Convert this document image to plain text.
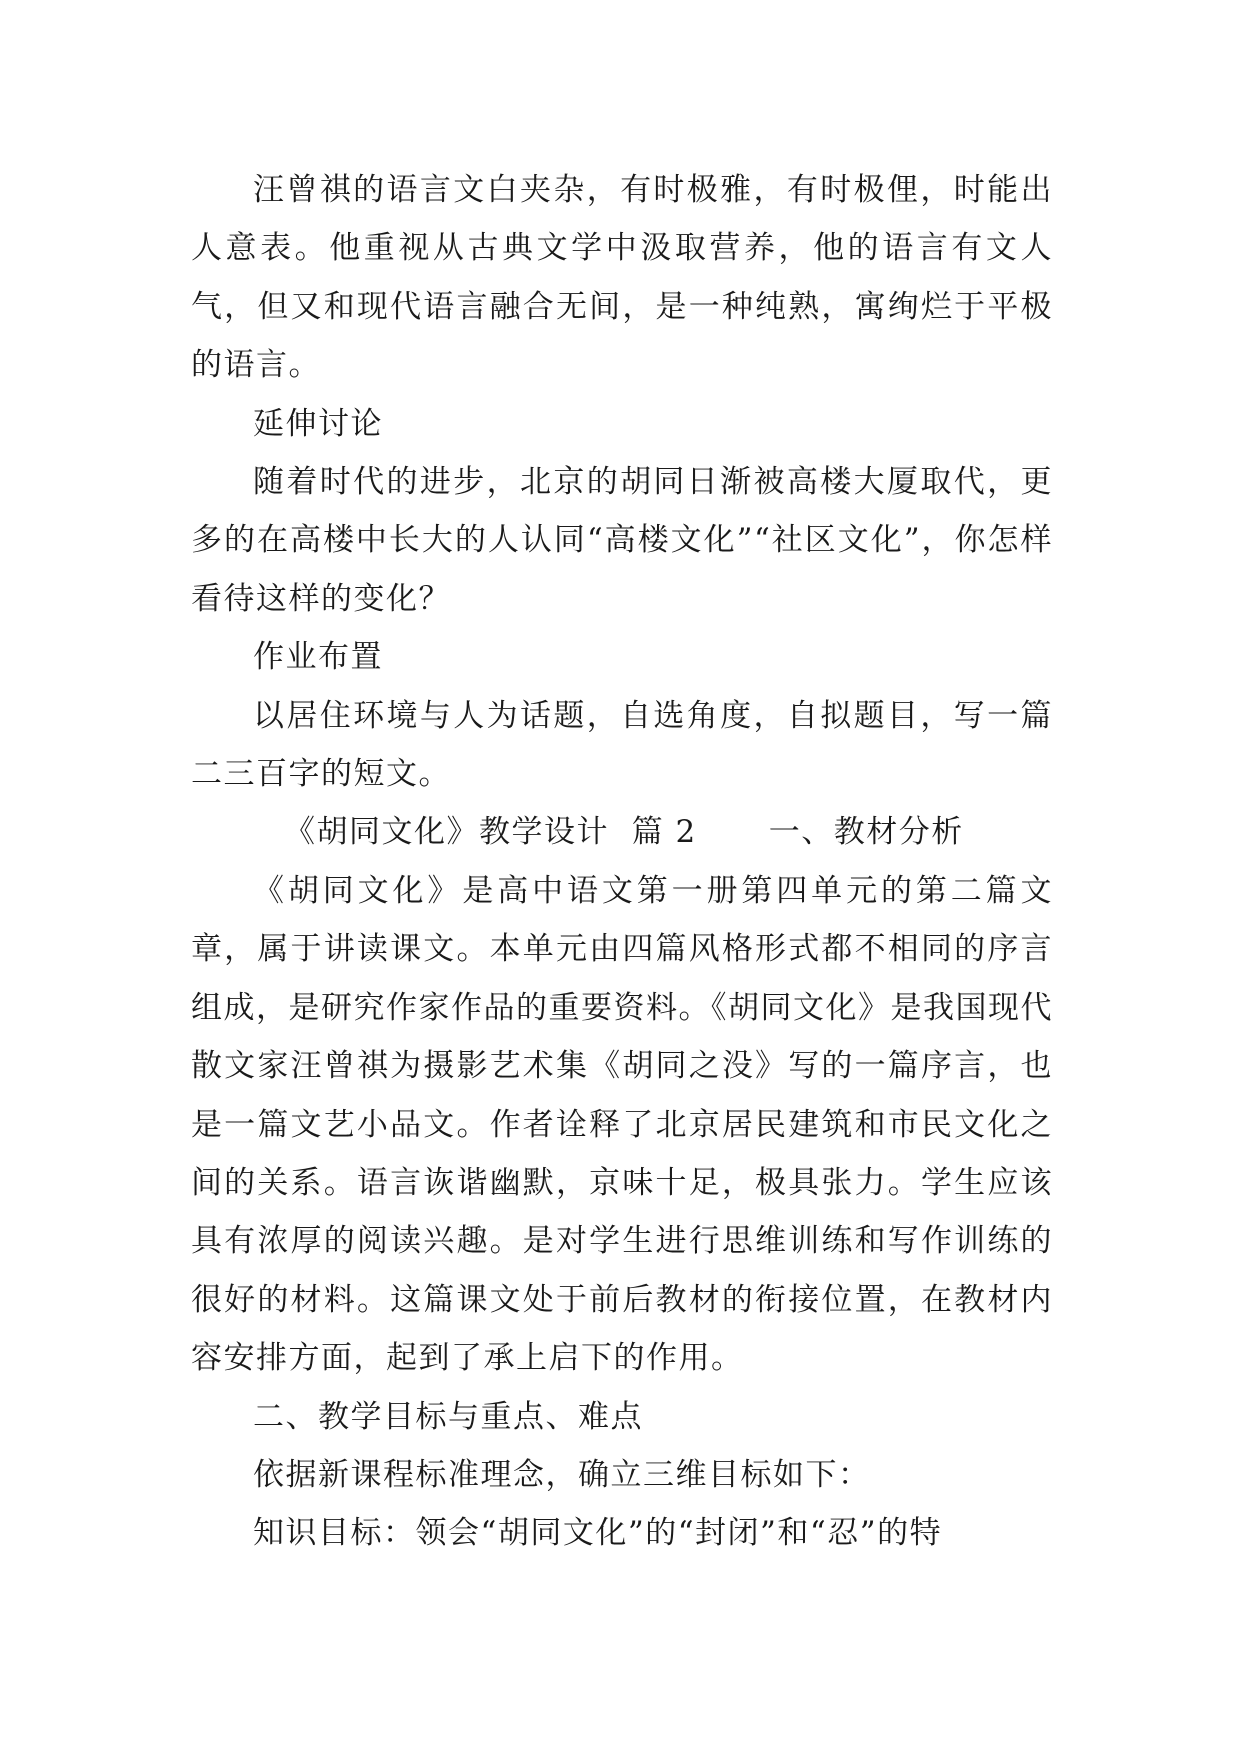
汪曾祺的语言文白夹杂，有时极雅，有时极俚，时能出人意表。他重视从古典文学中汲取营养，他的语言有文人气，但又和现代语言融合无间，是一种纯熟，寓绚烂于平极的语言。

延伸讨论

随着时代的进步，北京的胡同日渐被高楼大厦取代，更多的在高楼中长大的人认同“高楼文化”“社区文化”，你怎样看待这样的变化？

作业布置

以居住环境与人为话题，自选角度，自拟题目，写一篇二三百字的短文。

《胡同文化》教学设计  篇 2 一、教材分析

《胡同文化》是高中语文第一册第四单元的第二篇文章，属于讲读课文。本单元由四篇风格形式都不相同的序言组成，是研究作家作品的重要资料。《胡同文化》是我国现代散文家汪曾祺为摄影艺术集《胡同之没》写的一篇序言，也是一篇文艺小品文。作者诠释了北京居民建筑和市民文化之间的关系。语言诙谐幽默，京味十足，极具张力。学生应该具有浓厚的阅读兴趣。是对学生进行思维训练和写作训练的很好的材料。这篇课文处于前后教材的衔接位置，在教材内容安排方面，起到了承上启下的作用。

二、教学目标与重点、难点

依据新课程标准理念，确立三维目标如下：

知识目标：领会“胡同文化”的“封闭”和“忍”的特
